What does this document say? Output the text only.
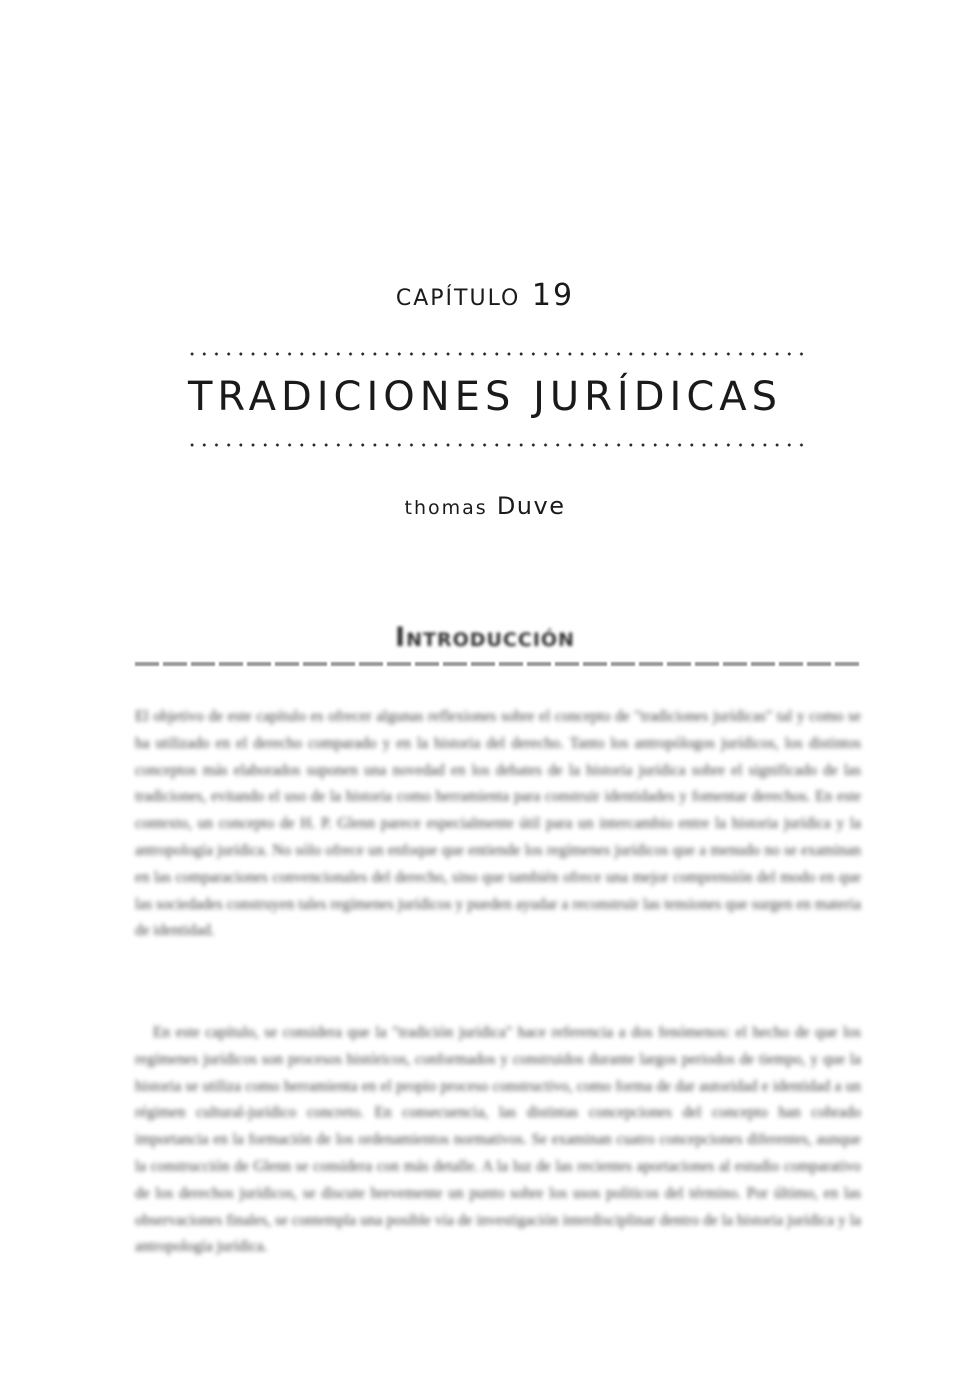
CAPÍTULO 19
TRADICIONES JURÍDICAS
thomas Duve
Introducción

El objetivo de este capítulo es ofrecer algunas reflexiones sobre el concepto de "tradiciones jurídicas" tal y como se ha utilizado en el derecho comparado y en la historia del derecho. Tanto los antropólogos jurídicos, los distintos conceptos más elaborados suponen una novedad en los debates de la historia jurídica sobre el significado de las tradiciones, evitando el uso de la historia como herramienta para construir identidades y fomentar derechos. En este contexto, un concepto de H. P. Glenn parece especialmente útil para un intercambio entre la historia jurídica y la antropología jurídica. No sólo ofrece un enfoque que entiende los regímenes jurídicos que a menudo no se examinan en las comparaciones convencionales del derecho, sino que también ofrece una mejor comprensión del modo en que las sociedades construyen tales regímenes jurídicos y pueden ayudar a reconstruir las tensiones que surgen en materia de identidad.

En este capítulo, se considera que la "tradición jurídica" hace referencia a dos fenómenos: el hecho de que los regímenes jurídicos son procesos históricos, conformados y construidos durante largos periodos de tiempo, y que la historia se utiliza como herramienta en el propio proceso constructivo, como forma de dar autoridad e identidad a un régimen cultural-jurídico concreto. En consecuencia, las distintas concepciones del concepto han cobrado importancia en la formación de los ordenamientos normativos. Se examinan cuatro concepciones diferentes, aunque la construcción de Glenn se considera con más detalle. A la luz de las recientes aportaciones al estudio comparativo de los derechos jurídicos, se discute brevemente un punto sobre los usos políticos del término. Por último, en las observaciones finales, se contempla una posible vía de investigación interdisciplinar dentro de la historia jurídica y la antropología jurídica.
